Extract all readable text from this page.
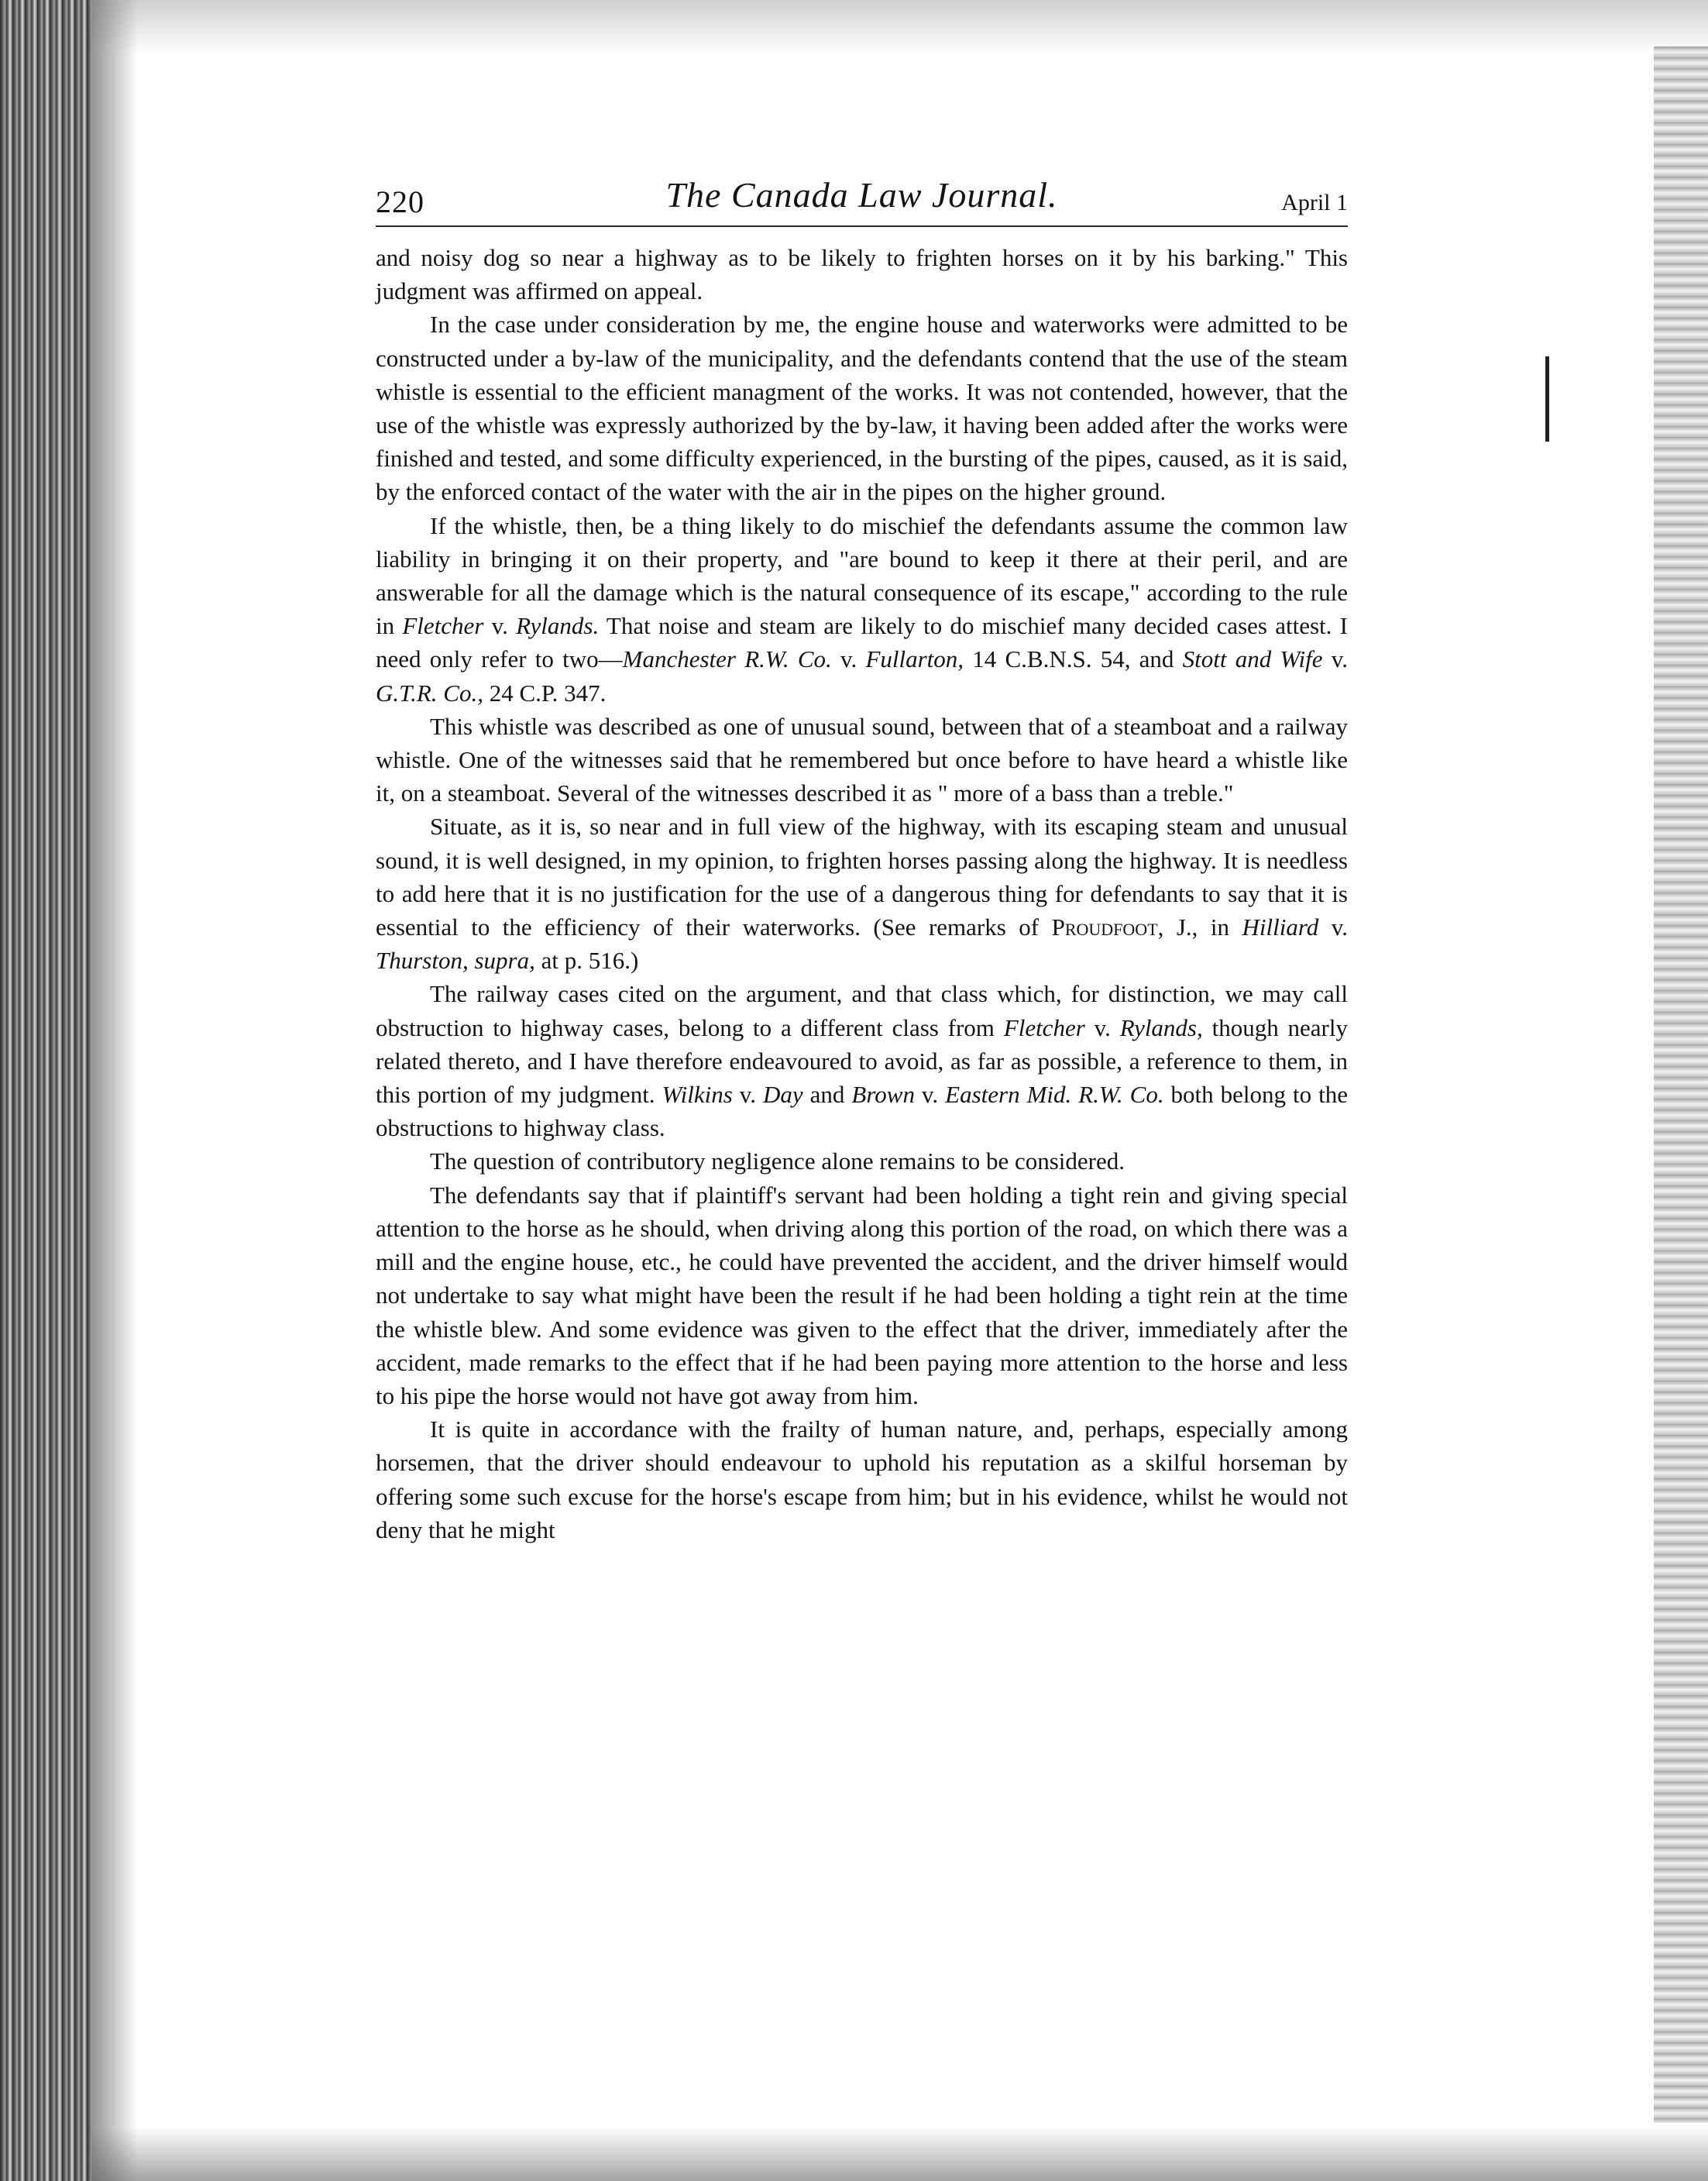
220	The Canada Law Journal.	April 1

and noisy dog so near a highway as to be likely to frighten horses on it by his barking." This judgment was affirmed on appeal.

In the case under consideration by me, the engine house and waterworks were admitted to be constructed under a by-law of the municipality, and the defendants contend that the use of the steam whistle is essential to the efficient managment of the works. It was not contended, however, that the use of the whistle was expressly authorized by the by-law, it having been added after the works were finished and tested, and some difficulty experienced, in the bursting of the pipes, caused, as it is said, by the enforced contact of the water with the air in the pipes on the higher ground.

If the whistle, then, be a thing likely to do mischief the defendants assume the common law liability in bringing it on their property, and "are bound to keep it there at their peril, and are answerable for all the damage which is the natural consequence of its escape," according to the rule in Fletcher v. Rylands. That noise and steam are likely to do mischief many decided cases attest. I need only refer to two—Manchester R.W. Co. v. Fullarton, 14 C.B.N.S. 54, and Stott and Wife v. G.T.R. Co., 24 C.P. 347.

This whistle was described as one of unusual sound, between that of a steamboat and a railway whistle. One of the witnesses said that he remembered but once before to have heard a whistle like it, on a steamboat. Several of the witnesses described it as " more of a bass than a treble."

Situate, as it is, so near and in full view of the highway, with its escaping steam and unusual sound, it is well designed, in my opinion, to frighten horses passing along the highway. It is needless to add here that it is no justification for the use of a dangerous thing for defendants to say that it is essential to the efficiency of their waterworks. (See remarks of Proudfoot, J., in Hilliard v. Thurston, supra, at p. 516.)

The railway cases cited on the argument, and that class which, for distinction, we may call obstruction to highway cases, belong to a different class from Fletcher v. Rylands, though nearly related thereto, and I have therefore endeavoured to avoid, as far as possible, a reference to them, in this portion of my judgment. Wilkins v. Day and Brown v. Eastern Mid. R.W. Co. both belong to the obstructions to highway class.

The question of contributory negligence alone remains to be considered.

The defendants say that if plaintiff's servant had been holding a tight rein and giving special attention to the horse as he should, when driving along this portion of the road, on which there was a mill and the engine house, etc., he could have prevented the accident, and the driver himself would not undertake to say what might have been the result if he had been holding a tight rein at the time the whistle blew. And some evidence was given to the effect that the driver, immediately after the accident, made remarks to the effect that if he had been paying more attention to the horse and less to his pipe the horse would not have got away from him.

It is quite in accordance with the frailty of human nature, and, perhaps, especially among horsemen, that the driver should endeavour to uphold his reputation as a skilful horseman by offering some such excuse for the horse's escape from him; but in his evidence, whilst he would not deny that he might
